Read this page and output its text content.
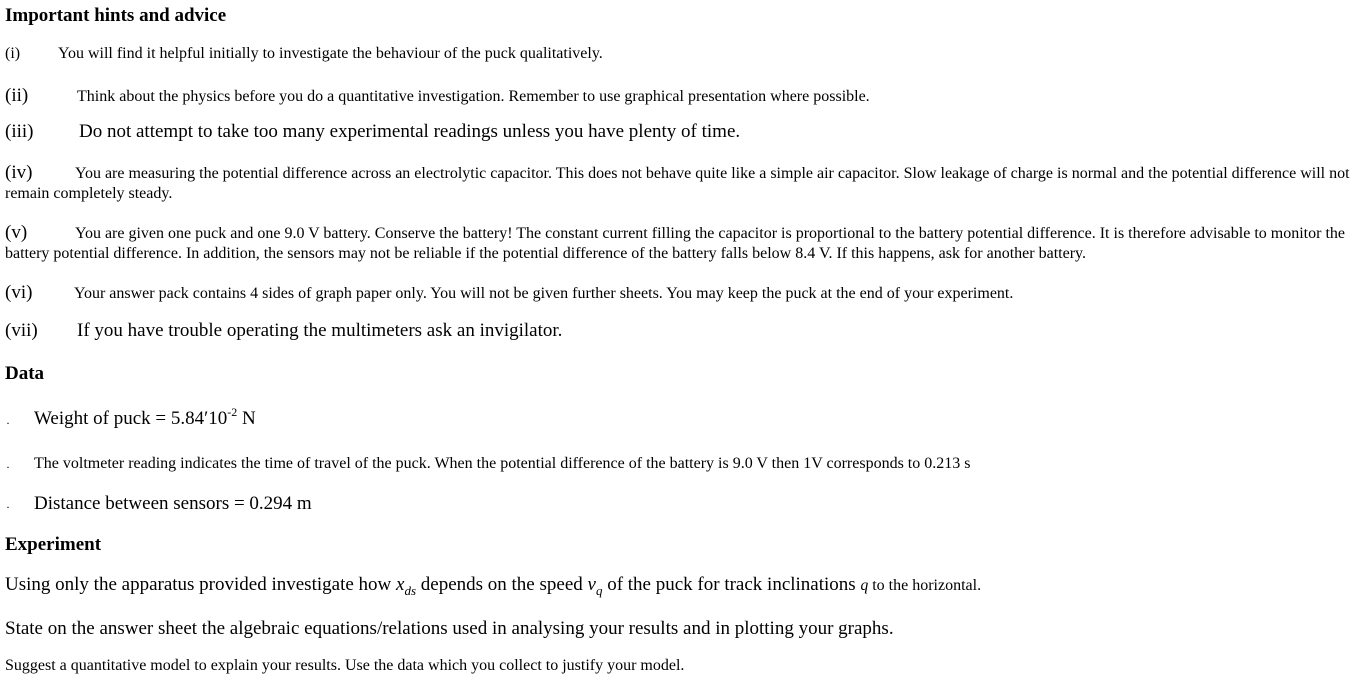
Important hints and advice
(i) You will find it helpful initially to investigate the behaviour of the puck qualitatively.
(ii)	Think about the physics before you do a quantitative investigation. Remember to use graphical presentation where possible.
(iii) Do not attempt to take too many experimental readings unless you have plenty of time.
(iv)	You are measuring the potential difference across an electrolytic capacitor. This does not behave quite like a simple air capacitor. Slow leakage of charge is normal and the potential difference will not remain completely steady.
(v)	You are given one puck and one 9.0 V battery. Conserve the battery! The constant current filling the capacitor is proportional to the battery potential difference. It is therefore advisable to monitor the battery potential difference. In addition, the sensors may not be reliable if the potential difference of the battery falls below 8.4 V. If this happens, ask for another battery.
(vi)	Your answer pack contains 4 sides of graph paper only. You will not be given further sheets. You may keep the puck at the end of your experiment.
(vii) If you have trouble operating the multimeters ask an invigilator.
Data
· Weight of puck = $5.84'10^{-2}$ N
· The voltmeter reading indicates the time of travel of the puck. When the potential difference of the battery is 9.0 V then 1V corresponds to 0.213 s
· Distance between sensors = 0.294 m
Experiment
Using only the apparatus provided investigate how $x_{ds}$ depends on the speed $v_q$ of the puck for track inclinations q to the horizontal.
State on the answer sheet the algebraic equations/relations used in analysing your results and in plotting your graphs.
Suggest a quantitative model to explain your results. Use the data which you collect to justify your model.
